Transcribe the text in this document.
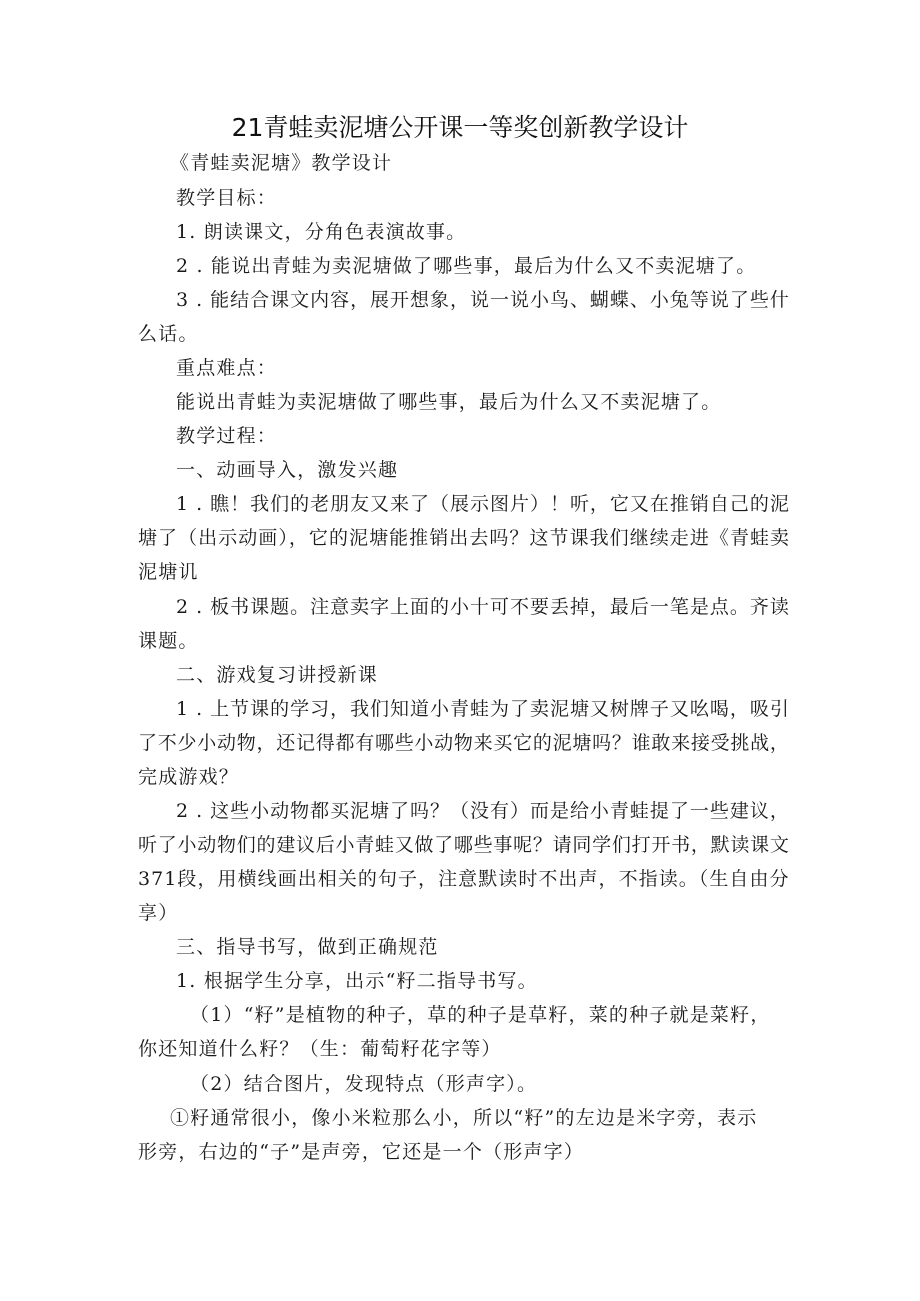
21青蛙卖泥塘公开课一等奖创新教学设计
《青蛙卖泥塘》教学设计
教学目标：
1. 朗读课文，分角色表演故事。
2 . 能说出青蛙为卖泥塘做了哪些事，最后为什么又不卖泥塘了。
3 . 能结合课文内容，展开想象，说一说小鸟、蝴蝶、小兔等说了些什
么话。
重点难点：
能说出青蛙为卖泥塘做了哪些事，最后为什么又不卖泥塘了。
教学过程：
一、动画导入，激发兴趣
1 . 瞧！我们的老朋友又来了（展示图片）！听，它又在推销自己的泥
塘了（出示动画），它的泥塘能推销出去吗？这节课我们继续走进《青蛙卖
泥塘讥
2 . 板书课题。注意卖字上面的小十可不要丢掉，最后一笔是点。齐读
课题。
二、游戏复习讲授新课
1 . 上节课的学习，我们知道小青蛙为了卖泥塘又树牌子又吆喝，吸引
了不少小动物，还记得都有哪些小动物来买它的泥塘吗？谁敢来接受挑战，
完成游戏？
2 . 这些小动物都买泥塘了吗？（没有）而是给小青蛙提了一些建议，
听了小动物们的建议后小青蛙又做了哪些事呢？请同学们打开书，默读课文
371段，用横线画出相关的句子，注意默读时不出声，不指读。（生自由分
享）
三、指导书写，做到正确规范
1. 根据学生分享，出示“籽二指导书写。
（1）“籽”是植物的种子，草的种子是草籽，菜的种子就是菜籽，
你还知道什么籽？（生：葡萄籽花字等）
（2）结合图片，发现特点（形声字）。
①籽通常很小，像小米粒那么小，所以“籽”的左边是米字旁，表示
形旁，右边的“子”是声旁，它还是一个（形声字）
